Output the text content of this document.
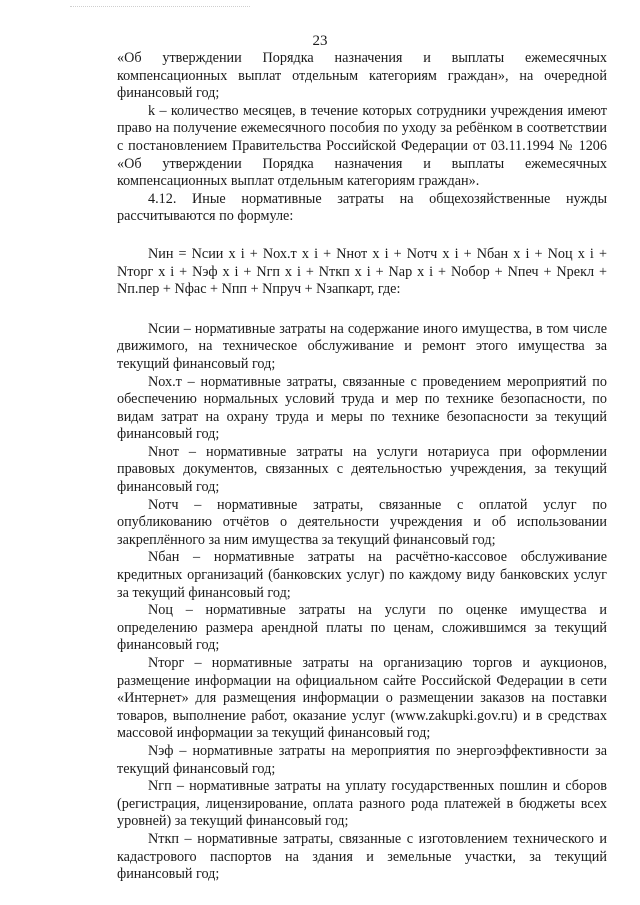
23

«Об утверждении Порядка назначения и выплаты ежемесячных компенсационных выплат отдельным категориям граждан», на очередной финансовый год;

k – количество месяцев, в течение которых сотрудники учреждения имеют право на получение ежемесячного пособия по уходу за ребёнком в соответствии с постановлением Правительства Российской Федерации от 03.11.1994 № 1206 «Об утверждении Порядка назначения и выплаты ежемесячных компенсационных выплат отдельным категориям граждан».

4.12. Иные нормативные затраты на общехозяйственные нужды рассчитываются по формуле:

Nин = Nсии х i + Nох.т х i + Nнот х i + Nотч х i + Nбан х i + Nоц х i + Nторг х i + Nэф х i + Nгп х i + Nткп х i + Nар х i + Nобор + Nпеч + Nрекл + Nп.пер + Nфас + Nпп + Nпруч + Nзапкарт, где:

Nсии – нормативные затраты на содержание иного имущества, в том числе движимого, на техническое обслуживание и ремонт этого имущества за текущий финансовый год;

Nох.т – нормативные затраты, связанные с проведением мероприятий по обеспечению нормальных условий труда и мер по технике безопасности, по видам затрат на охрану труда и меры по технике безопасности за текущий финансовый год;

Nнот – нормативные затраты на услуги нотариуса при оформлении правовых документов, связанных с деятельностью учреждения, за текущий финансовый год;

Nотч – нормативные затраты, связанные с оплатой услуг по опубликованию отчётов о деятельности учреждения и об использовании закреплённого за ним имущества за текущий финансовый год;

Nбан – нормативные затраты на расчётно-кассовое обслуживание кредитных организаций (банковских услуг) по каждому виду банковских услуг за текущий финансовый год;

Nоц – нормативные затраты на услуги по оценке имущества и определению размера арендной платы по ценам, сложившимся за текущий финансовый год;

Nторг – нормативные затраты на организацию торгов и аукционов, размещение информации на официальном сайте Российской Федерации в сети «Интернет» для размещения информации о размещении заказов на поставки товаров, выполнение работ, оказание услуг (www.zakupki.gov.ru) и в средствах массовой информации за текущий финансовый год;

Nэф – нормативные затраты на мероприятия по энергоэффективности за текущий финансовый год;

Nгп – нормативные затраты на уплату государственных пошлин и сборов (регистрация, лицензирование, оплата разного рода платежей в бюджеты всех уровней) за текущий финансовый год;

Nткп – нормативные затраты, связанные с изготовлением технического и кадастрового паспортов на здания и земельные участки, за текущий финансовый год;
